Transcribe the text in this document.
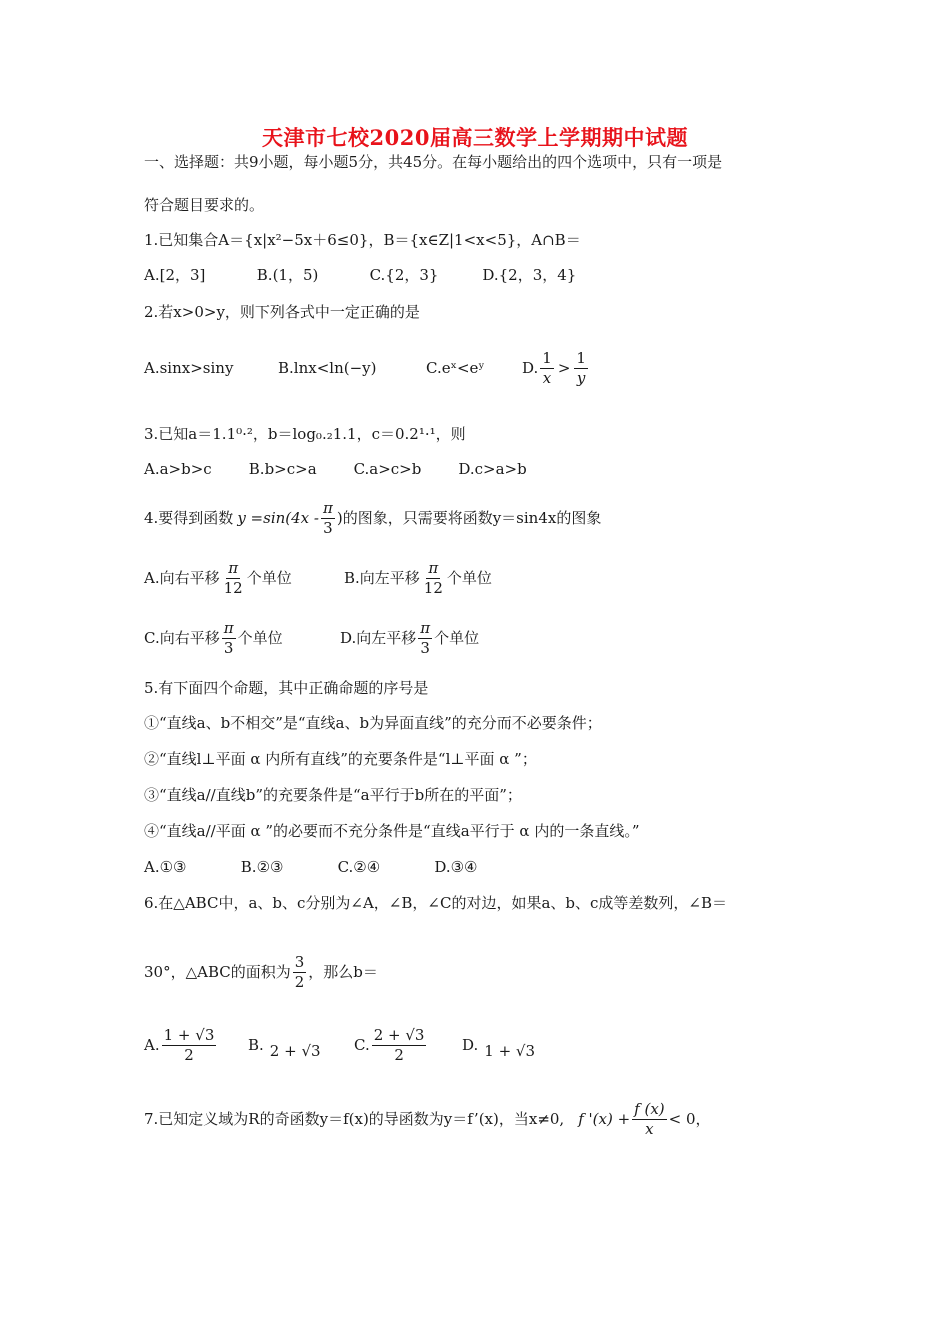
天津市七校2020届高三数学上学期期中试题
一、选择题：共9小题，每小题5分，共45分。在每小题给出的四个选项中，只有一项是
符合题目要求的。
1.已知集合A＝{x|x²−5x＋6≤0}，B＝{x∈Z|1<x<5}，A∩B＝
A.[2，3]	B.(1，5)	C.{2，3}	D.{2，3，4}
2.若x>0>y，则下列各式中一定正确的是
A.sinx>siny	B.lnx<ln(−y)	C.eˣ<eʸ	D. $\frac{1}{x} > \frac{1}{y}$
3.已知a＝1.1⁰·²，b＝log₀.₂1.1，c＝0.2¹·¹，则
A.a>b>c B.b>c>a C.a>c>b D.c>a>b
4.要得到函数 $y =\sin(4x - \frac{\pi}{3}$ ) 的图象，只需要将函数y＝sin4x的图象
A.向右平移 $\frac{\pi}{12}$ 个单位	B.向左平移 $\frac{\pi}{12}$ 个单位
C.向右平移 $\frac{\pi}{3}$ 个单位	D.向左平移 $\frac{\pi}{3}$ 个单位
5.有下面四个命题，其中正确命题的序号是
①“直线a、b不相交”是“直线a、b为异面直线”的充分而不必要条件；
②“直线l⊥平面 α 内所有直线”的充要条件是“l⊥平面 α ”；
③“直线a//直线b”的充要条件是“a平行于b所在的平面”；
④“直线a//平面 α ”的必要而不充分条件是“直线a平行于 α 内的一条直线。”
A.①③	B.②③	C.②④	D.③④
6.在△ABC中，a、b、c分别为∠A，∠B，∠C的对边，如果a、b、c成等差数列，∠B＝
30°，△ABC的面积为 $\frac{3}{2}$ ，那么b＝
A. $\frac{1 + √3}{2} B$. 2 + √3 C. $\frac{2 + √3}{2} D$. 1 + √3
7.已知定义域为R的奇函数y＝f(x)的导函数为y＝f’(x)，当x≠0, f '$(x) + \frac{f (x)}{x} < 0$，
